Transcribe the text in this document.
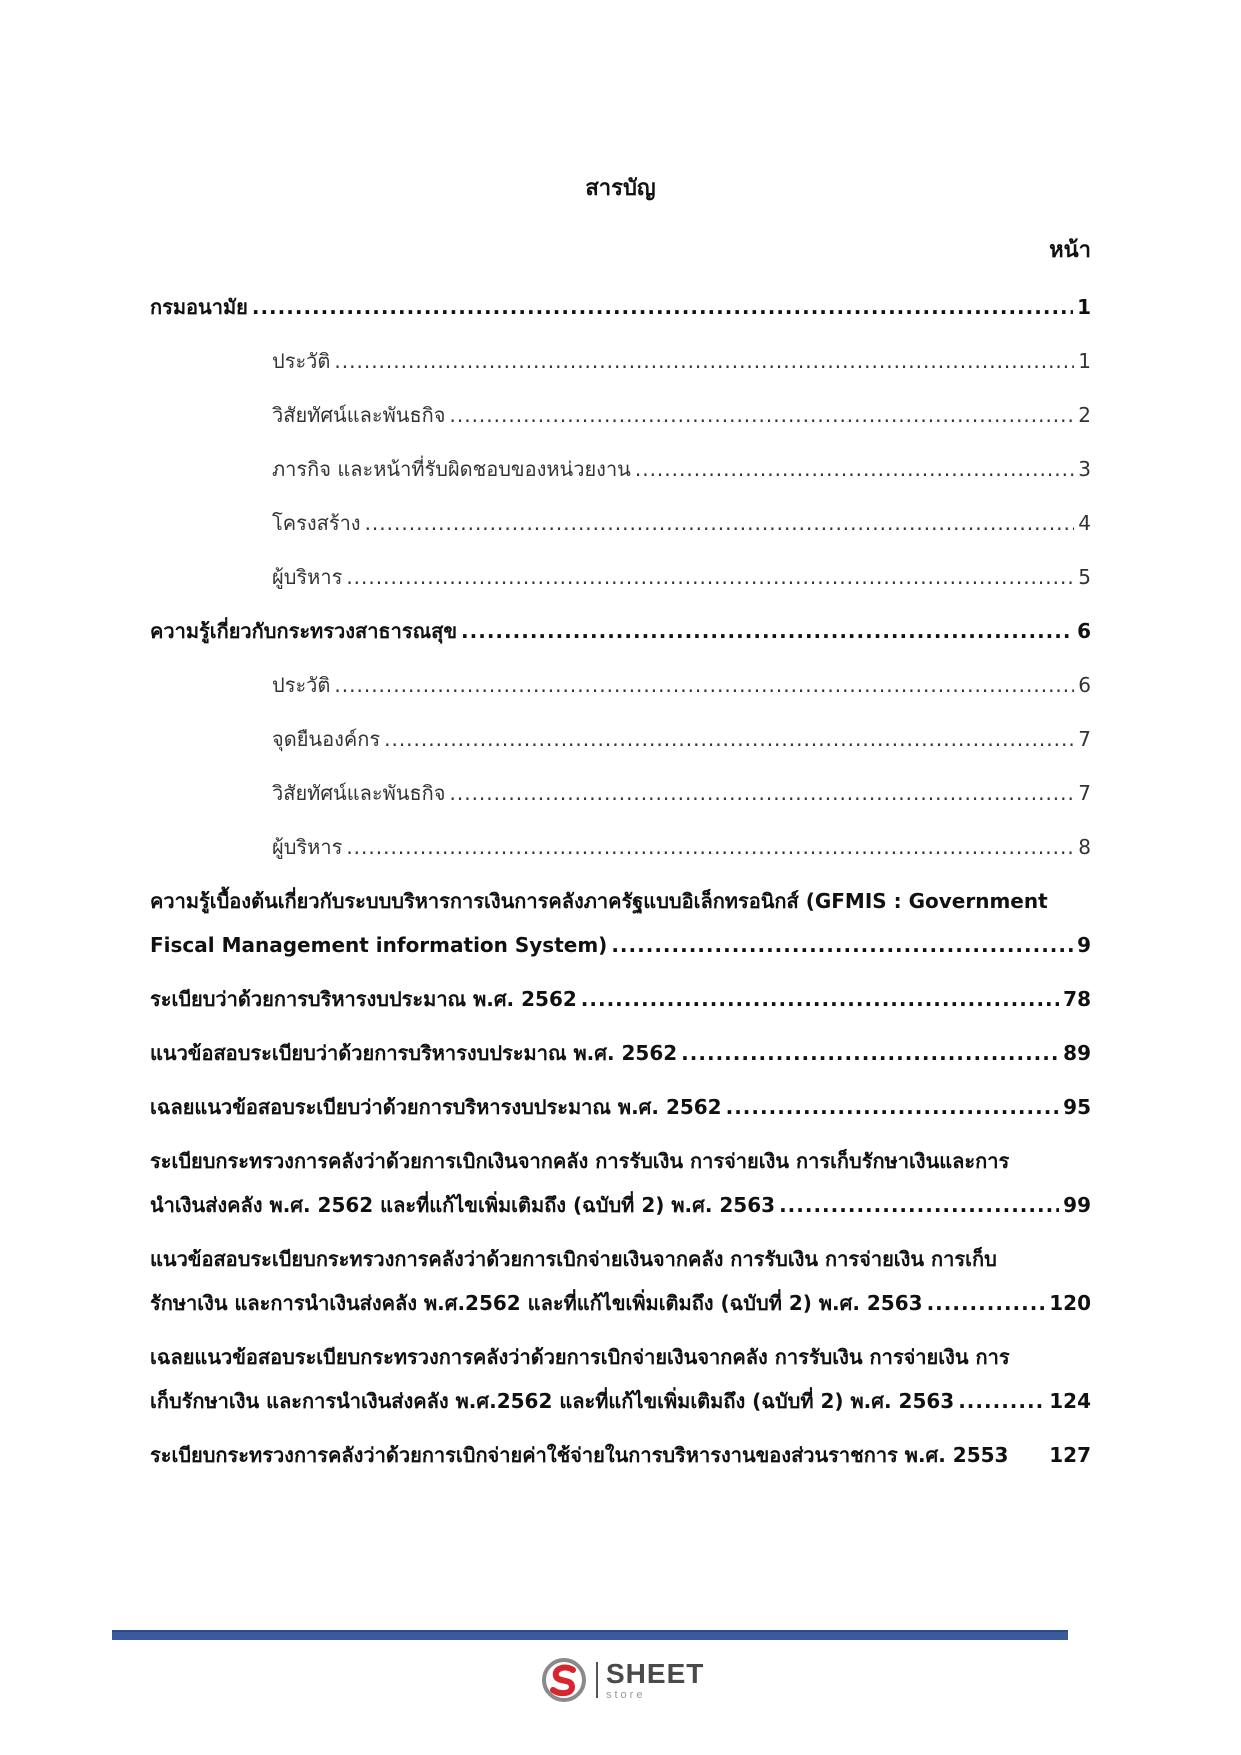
สารบัญ
หน้า
กรมอนามัย .....	1
ประวัติ .....	1
วิสัยทัศน์และพันธกิจ .....	2
ภารกิจ และหน้าที่รับผิดชอบของหน่วยงาน .....	3
โครงสร้าง .....	4
ผู้บริหาร .....	5
ความรู้เกี่ยวกับกระทรวงสาธารณสุข .....	6
ประวัติ .....	6
จุดยืนองค์กร .....	7
วิสัยทัศน์และพันธกิจ .....	7
ผู้บริหาร .....	8
ความรู้เบื้องต้นเกี่ยวกับระบบบริหารการเงินการคลังภาครัฐแบบอิเล็กทรอนิกส์ (GFMIS : Government
Fiscal Management information System) .....	9
ระเบียบว่าด้วยการบริหารงบประมาณ พ.ศ. 2562 .....	78
แนวข้อสอบระเบียบว่าด้วยการบริหารงบประมาณ พ.ศ. 2562 .....	89
เฉลยแนวข้อสอบระเบียบว่าด้วยการบริหารงบประมาณ พ.ศ. 2562 .....	95
ระเบียบกระทรวงการคลังว่าด้วยการเบิกเงินจากคลัง การรับเงิน การจ่ายเงิน การเก็บรักษาเงินและการ
นำเงินส่งคลัง พ.ศ. 2562 และที่แก้ไขเพิ่มเติมถึง (ฉบับที่ 2) พ.ศ. 2563 .....	99
แนวข้อสอบระเบียบกระทรวงการคลังว่าด้วยการเบิกจ่ายเงินจากคลัง การรับเงิน การจ่ายเงิน การเก็บ
รักษาเงิน และการนำเงินส่งคลัง พ.ศ.2562 และที่แก้ไขเพิ่มเติมถึง (ฉบับที่ 2) พ.ศ. 2563 .....	120
เฉลยแนวข้อสอบระเบียบกระทรวงการคลังว่าด้วยการเบิกจ่ายเงินจากคลัง การรับเงิน การจ่ายเงิน การ
เก็บรักษาเงิน และการนำเงินส่งคลัง พ.ศ.2562 และที่แก้ไขเพิ่มเติมถึง (ฉบับที่ 2) พ.ศ. 2563 .....	124
ระเบียบกระทรวงการคลังว่าด้วยการเบิกจ่ายค่าใช้จ่ายในการบริหารงานของส่วนราชการ พ.ศ. 2553 127
SHEET
store
